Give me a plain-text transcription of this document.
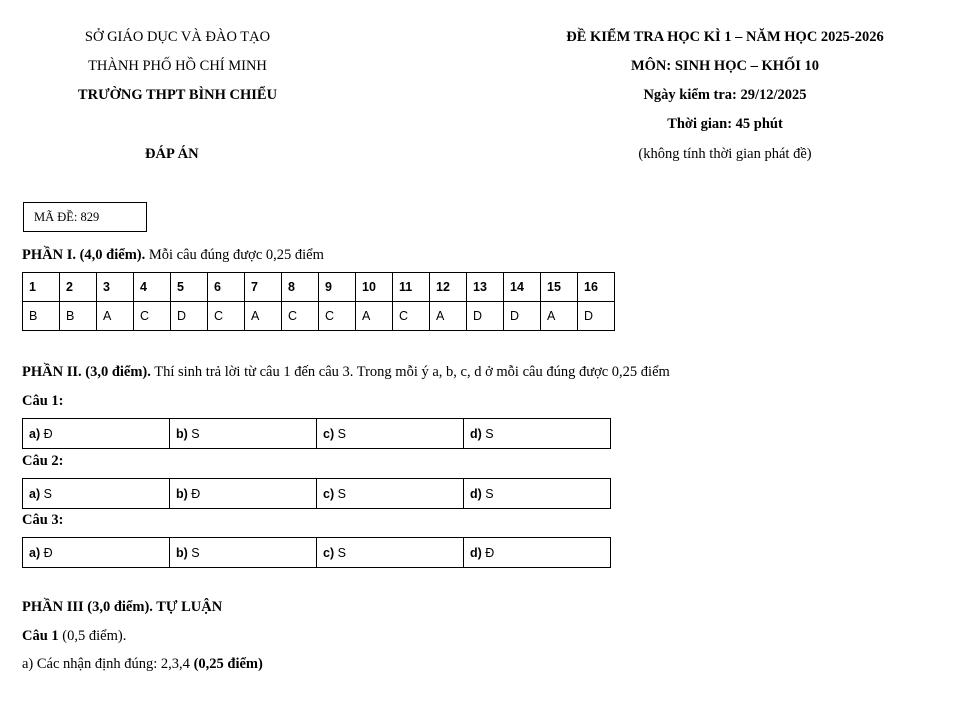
SỞ GIÁO DỤC VÀ ĐÀO TẠO
THÀNH PHỐ HỒ CHÍ MINH
TRƯỜNG THPT BÌNH CHIỂU
ĐÁP ÁN
ĐỀ KIỂM TRA HỌC KÌ 1 – NĂM HỌC 2025-2026
MÔN: SINH HỌC – KHỐI 10
Ngày kiểm tra: 29/12/2025
Thời gian: 45 phút
(không tính thời gian phát đề)
MÃ ĐỀ: 829
PHẦN I. (4,0 điểm). Mỗi câu đúng được 0,25 điểm
1	2	3	4	5	6	7	8	9	10	11	12	13	14	15	16
B	B	A	C	D	C	A	C	C	A	C	A	D	D	A	D
PHẦN II. (3,0 điểm). Thí sinh trả lời từ câu 1 đến câu 3. Trong mỗi ý a, b, c, d ở mỗi câu đúng được 0,25 điểm
Câu 1:
a) Đ	b) S	c) S	d) S
Câu 2:
a) S	b) Đ	c) S	d) S
Câu 3:
a) Đ	b) S	c) S	d) Đ
PHẦN III (3,0 điểm). TỰ LUẬN
Câu 1 (0,5 điểm).
a) Các nhận định đúng: 2,3,4 (0,25 điểm)
